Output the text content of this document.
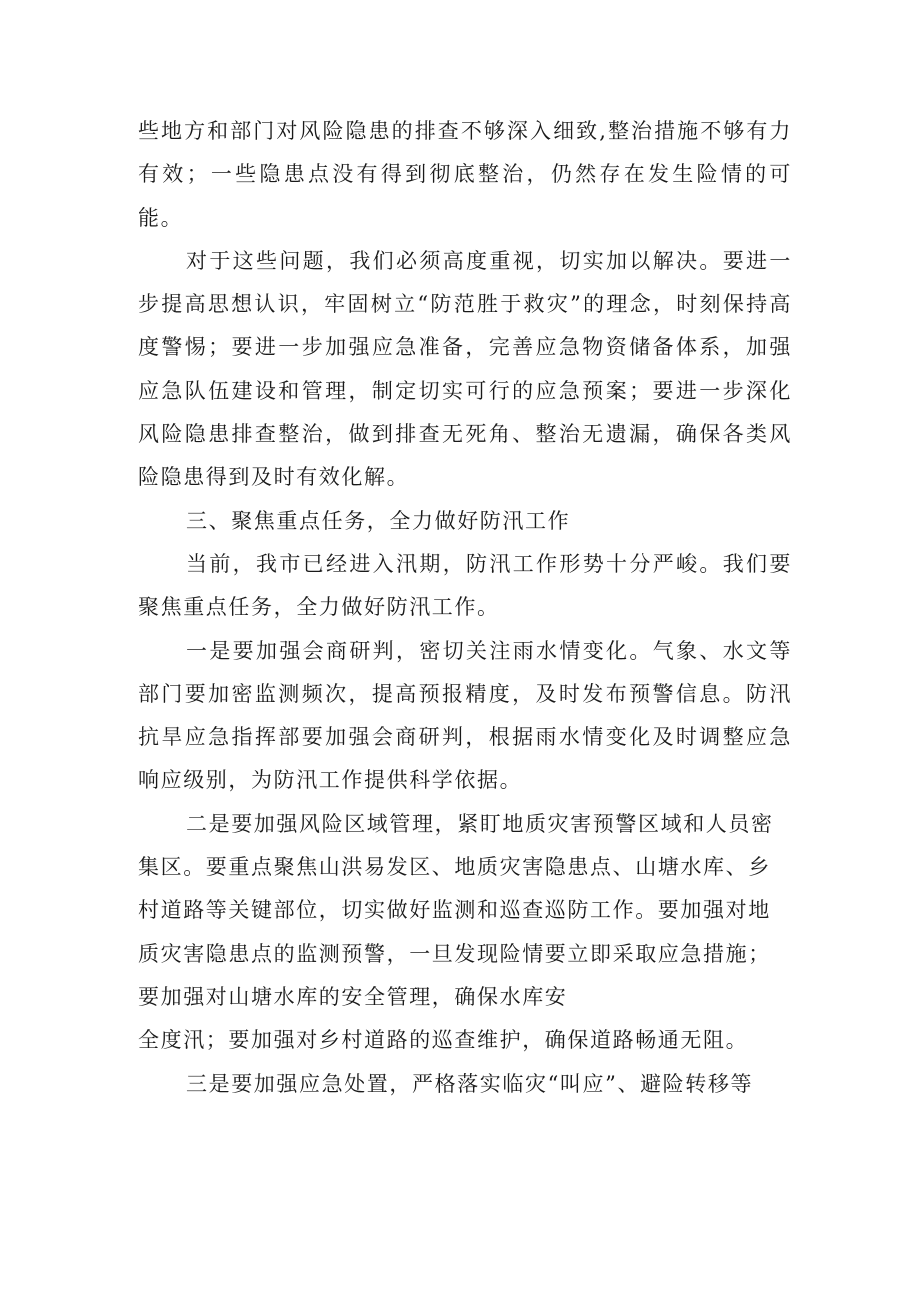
些地方和部门对风险隐患的排查不够深入细致,整治措施不够有力有效；一些隐患点没有得到彻底整治，仍然存在发生险情的可能。

对于这些问题，我们必须高度重视，切实加以解决。要进一步提高思想认识，牢固树立“防范胜于救灾”的理念，时刻保持高度警惕；要进一步加强应急准备，完善应急物资储备体系，加强应急队伍建设和管理，制定切实可行的应急预案；要进一步深化风险隐患排查整治，做到排查无死角、整治无遗漏，确保各类风险隐患得到及时有效化解。

三、聚焦重点任务，全力做好防汛工作

当前，我市已经进入汛期，防汛工作形势十分严峻。我们要聚焦重点任务，全力做好防汛工作。

一是要加强会商研判，密切关注雨水情变化。气象、水文等部门要加密监测频次，提高预报精度，及时发布预警信息。防汛抗旱应急指挥部要加强会商研判，根据雨水情变化及时调整应急响应级别，为防汛工作提供科学依据。

二是要加强风险区域管理，紧盯地质灾害预警区域和人员密
集区。要重点聚焦山洪易发区、地质灾害隐患点、山塘水库、乡
村道路等关键部位，切实做好监测和巡查巡防工作。要加强对地
质灾害隐患点的监测预警，一旦发现险情要立即采取应急措施；
要加强对山塘水库的安全管理，确保水库安
全度汛；要加强对乡村道路的巡查维护，确保道路畅通无阻。

三是要加强应急处置，严格落实临灾“叫应”、避险转移等
